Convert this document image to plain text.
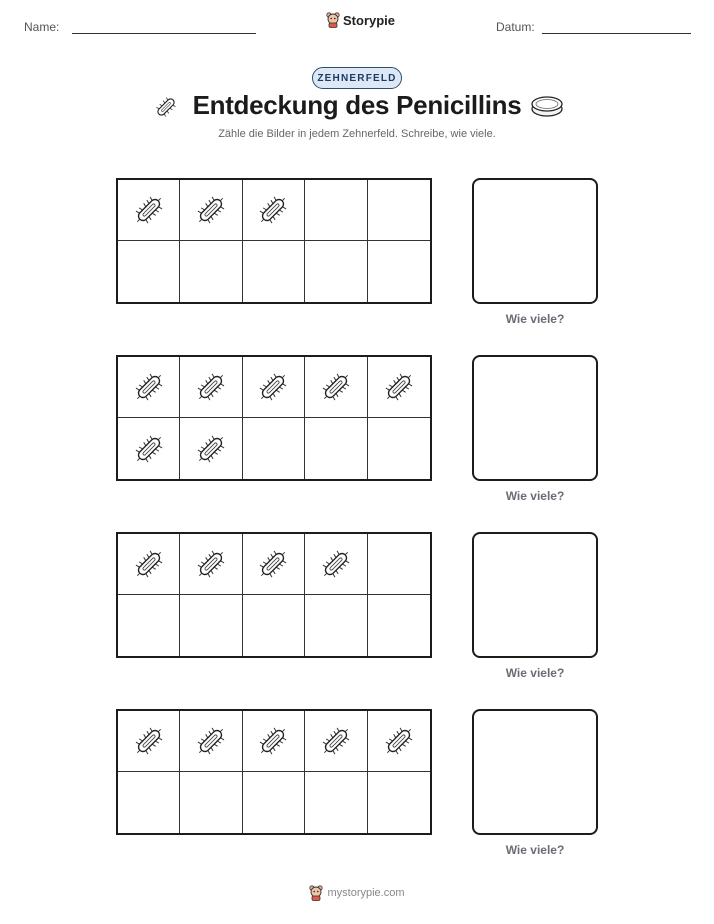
Name:	Storypie	Datum:
ZEHNERFELD
Entdeckung des Penicillins
Zähle die Bilder in jedem Zehnerfeld. Schreibe, wie viele.
Wie viele?
Wie viele?
Wie viele?
Wie viele?
mystorypie.com
